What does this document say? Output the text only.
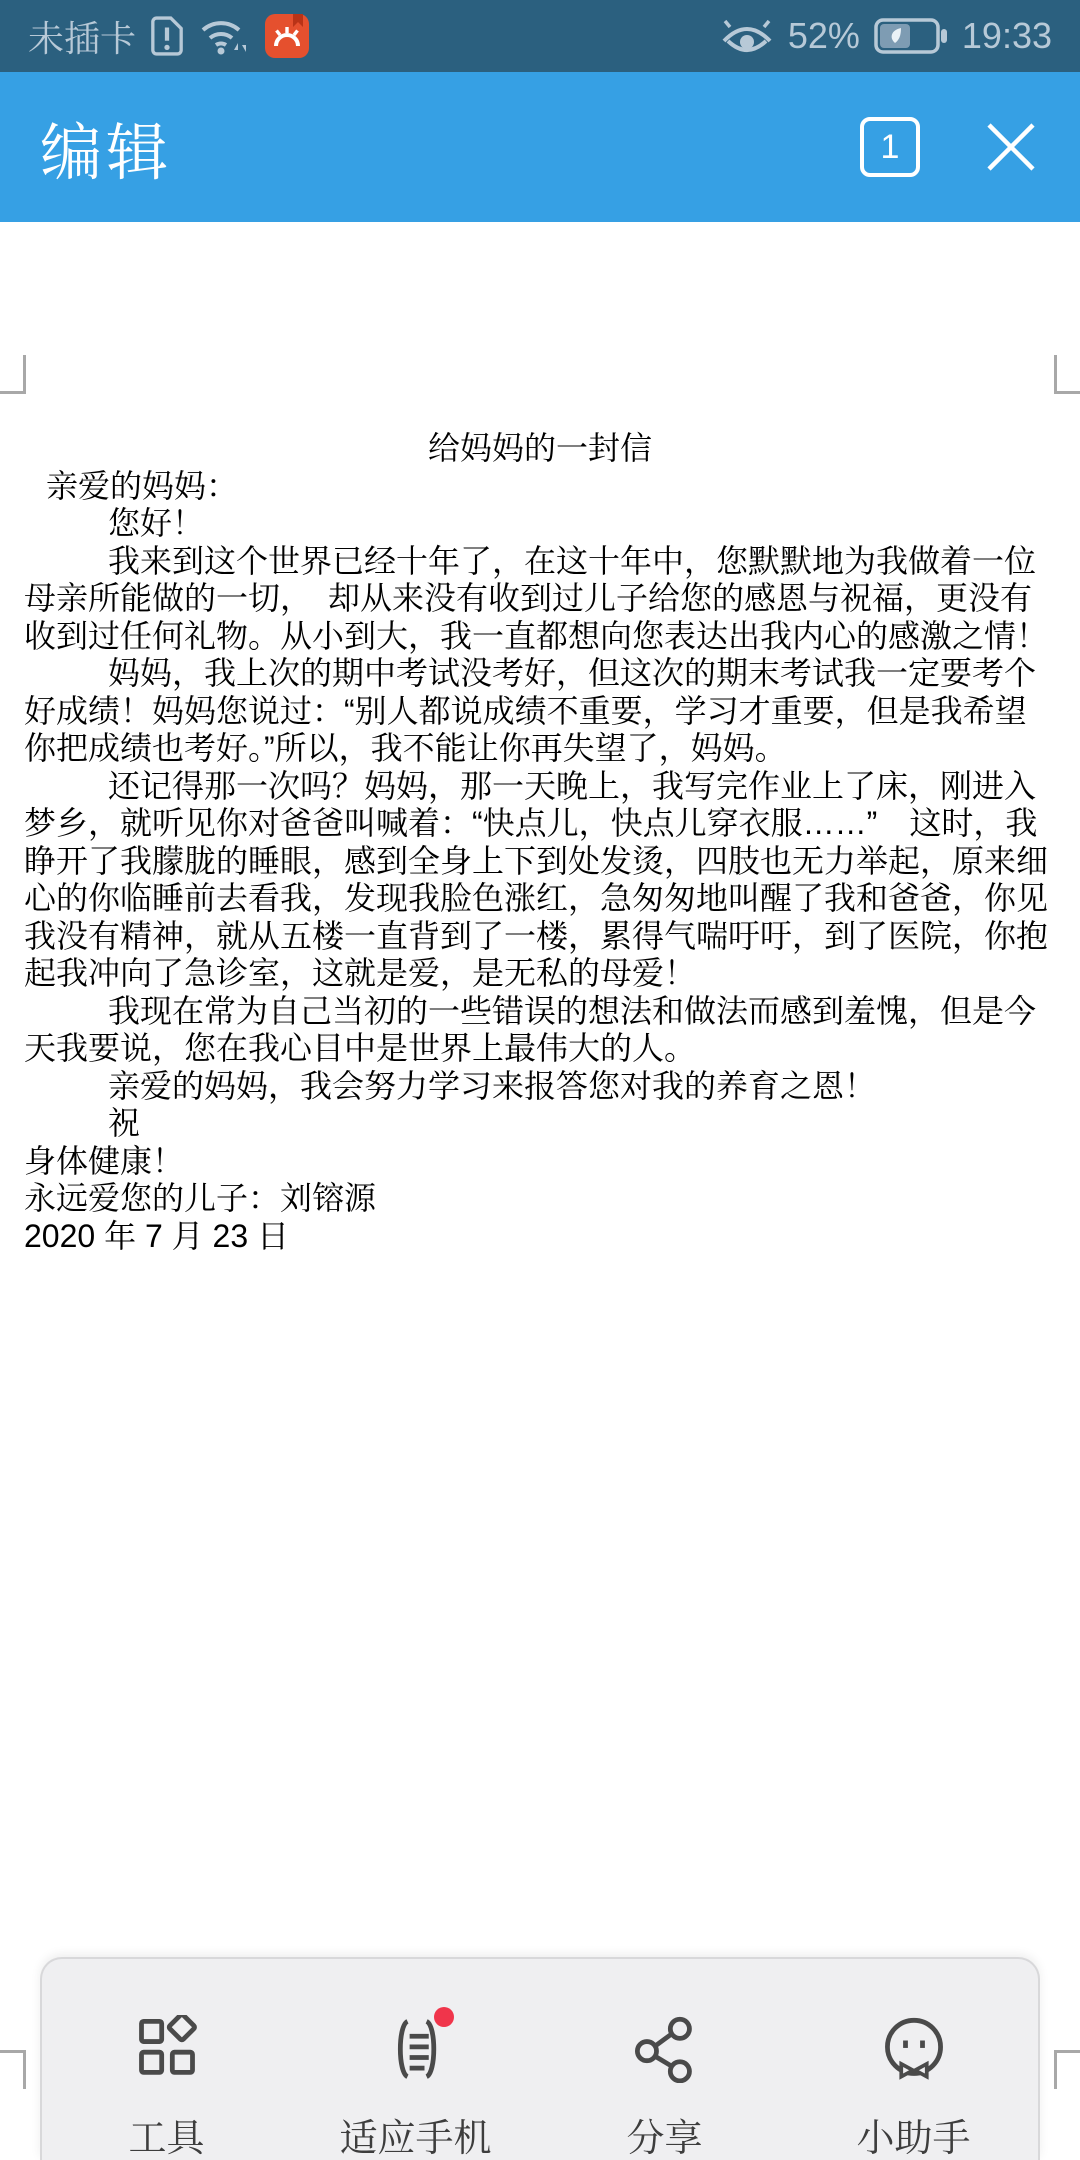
未插卡	52%	19:33
编辑	1

给妈妈的一封信

亲爱的妈妈：

您好！

我来到这个世界已经十年了，在这十年中，您默默地为我做着一位母亲所能做的一切，　却从来没有收到过儿子给您的感恩与祝福，更没有收到过任何礼物。从小到大，我一直都想向您表达出我内心的感激之情！

妈妈，我上次的期中考试没考好，但这次的期末考试我一定要考个好成绩！妈妈您说过：“别人都说成绩不重要，学习才重要，但是我希望你把成绩也考好。”所以，我不能让你再失望了，妈妈。

还记得那一次吗？妈妈，那一天晚上，我写完作业上了床，刚进入梦乡，就听见你对爸爸叫喊着：“快点儿，快点儿穿衣服……”　这时，我睁开了我朦胧的睡眼，感到全身上下到处发烫，四肢也无力举起，原来细心的你临睡前去看我，发现我脸色涨红，急匆匆地叫醒了我和爸爸，你见我没有精神，就从五楼一直背到了一楼，累得气喘吁吁，到了医院，你抱起我冲向了急诊室，这就是爱，是无私的母爱！

我现在常为自己当初的一些错误的想法和做法而感到羞愧，但是今天我要说，您在我心目中是世界上最伟大的人。

亲爱的妈妈，我会努力学习来报答您对我的养育之恩！

祝

身体健康！

永远爱您的儿子：刘镕源

2020 年 7 月 23 日

工具	适应手机	分享	小助手
